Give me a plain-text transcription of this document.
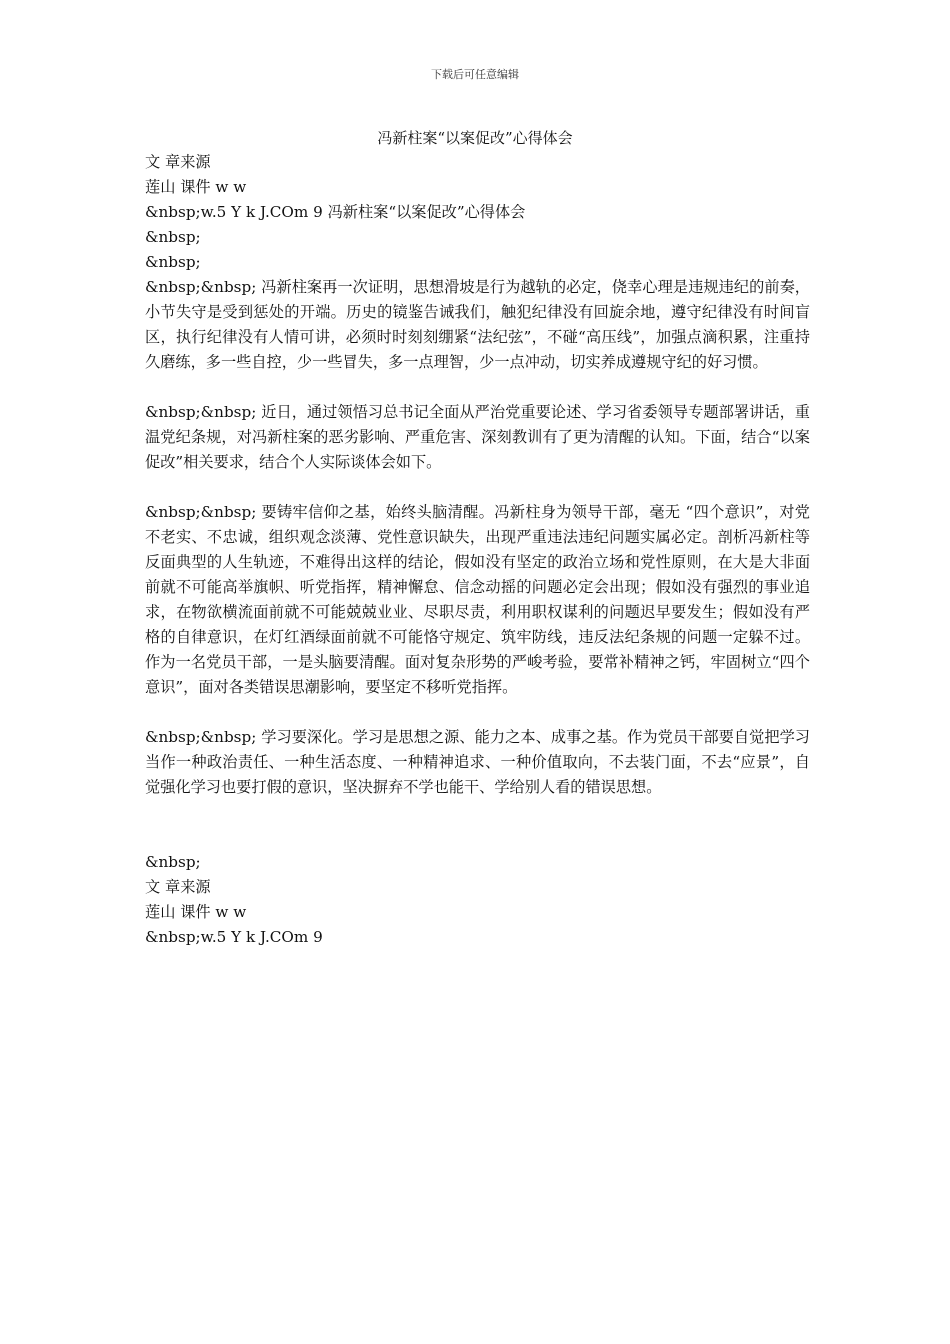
下载后可任意编辑
冯新柱案“以案促改”心得体会
文 章来源
莲山 课件 w w
&nbsp;w.5 Y k J.COm 9 冯新柱案“以案促改”心得体会
&nbsp;
&nbsp;
&nbsp;&nbsp; 冯新柱案再一次证明，思想滑坡是行为越轨的必定，侥幸心理是违规违纪的前奏，小节失守是受到惩处的开端。历史的镜鉴告诫我们，触犯纪律没有回旋余地，遵守纪律没有时间盲区，执行纪律没有人情可讲，必须时时刻刻绷紧“法纪弦”，不碰“高压线”，加强点滴积累，注重持久磨练，多一些自控，少一些冒失，多一点理智，少一点冲动，切实养成遵规守纪的好习惯。
&nbsp;&nbsp; 近日，通过领悟习总书记全面从严治党重要论述、学习省委领导专题部署讲话，重温党纪条规，对冯新柱案的恶劣影响、严重危害、深刻教训有了更为清醒的认知。下面，结合“以案促改”相关要求，结合个人实际谈体会如下。
&nbsp;&nbsp; 要铸牢信仰之基，始终头脑清醒。冯新柱身为领导干部，毫无 “四个意识”，对党不老实、不忠诚，组织观念淡薄、党性意识缺失，出现严重违法违纪问题实属必定。剖析冯新柱等反面典型的人生轨迹，不难得出这样的结论，假如没有坚定的政治立场和党性原则，在大是大非面前就不可能高举旗帜、听党指挥，精神懈怠、信念动摇的问题必定会出现；假如没有强烈的事业追求，在物欲横流面前就不可能兢兢业业、尽职尽责，利用职权谋利的问题迟早要发生；假如没有严格的自律意识，在灯红酒绿面前就不可能恪守规定、筑牢防线，违反法纪条规的问题一定躲不过。作为一名党员干部，一是头脑要清醒。面对复杂形势的严峻考验，要常补精神之钙，牢固树立“四个意识”，面对各类错误思潮影响，要坚定不移听党指挥。
&nbsp;&nbsp; 学习要深化。学习是思想之源、能力之本、成事之基。作为党员干部要自觉把学习当作一种政治责任、一种生活态度、一种精神追求、一种价值取向，不去装门面，不去“应景”，自觉强化学习也要打假的意识，坚决摒弃不学也能干、学给别人看的错误思想。
&nbsp;
文 章来源
莲山 课件 w w
&nbsp;w.5 Y k J.COm 9
